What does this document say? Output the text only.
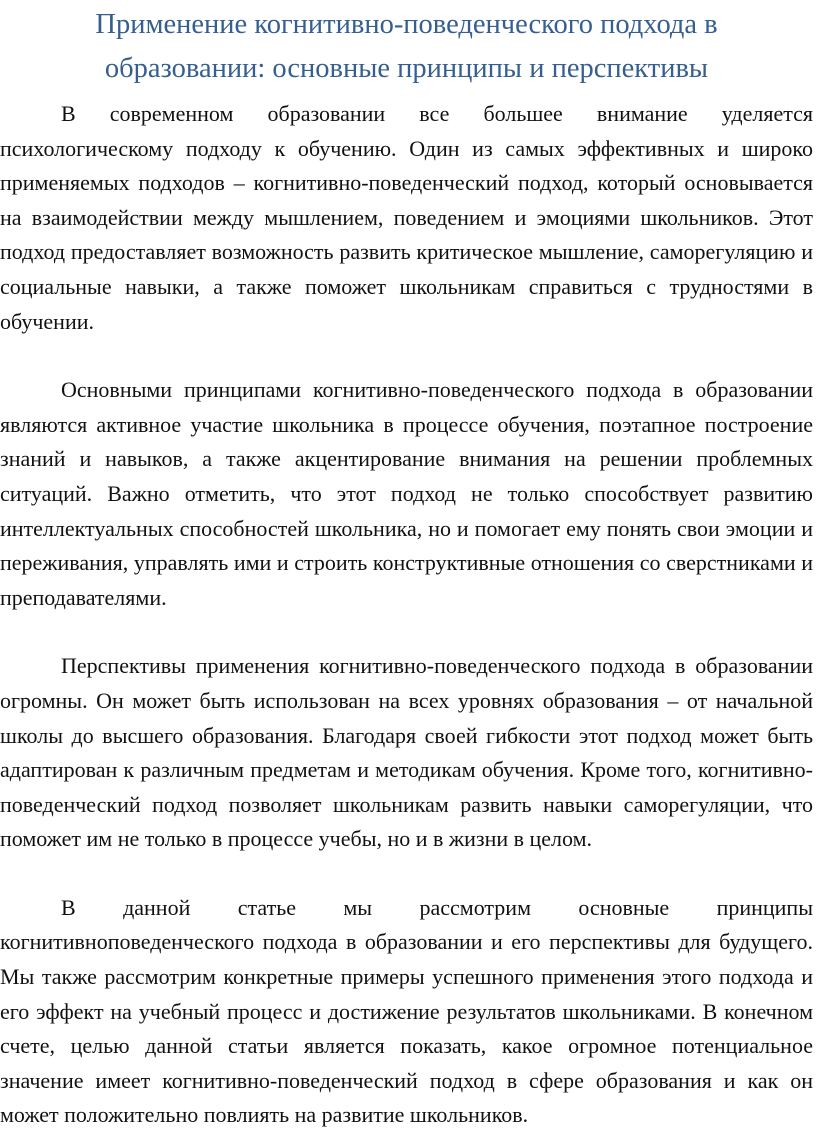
Применение когнитивно-поведенческого подхода в
образовании: основные принципы и перспективы

В современном образовании все большее внимание уделяется психологическому подходу к обучению. Один из самых эффективных и широко применяемых подходов – когнитивно-поведенческий подход, который основывается на взаимодействии между мышлением, поведением и эмоциями школьников. Этот подход предоставляет возможность развить критическое мышление, саморегуляцию и социальные навыки, а также поможет школьникам справиться с трудностями в обучении.

Основными принципами когнитивно-поведенческого подхода в образовании являются активное участие школьника в процессе обучения, поэтапное построение знаний и навыков, а также акцентирование внимания на решении проблемных ситуаций. Важно отметить, что этот подход не только способствует развитию интеллектуальных способностей школьника, но и помогает ему понять свои эмоции и переживания, управлять ими и строить конструктивные отношения со сверстниками и преподавателями.

Перспективы применения когнитивно-поведенческого подхода в образовании огромны. Он может быть использован на всех уровнях образования – от начальной школы до высшего образования. Благодаря своей гибкости этот подход может быть адаптирован к различным предметам и методикам обучения. Кроме того, когнитивно-поведенческий подход позволяет школьникам развить навыки саморегуляции, что поможет им не только в процессе учебы, но и в жизни в целом.

В данной статье мы рассмотрим основные принципы когнитивноповеденческого подхода в образовании и его перспективы для будущего. Мы также рассмотрим конкретные примеры успешного применения этого подхода и его эффект на учебный процесс и достижение результатов школьниками. В конечном счете, целью данной статьи является показать, какое огромное потенциальное значение имеет когнитивно-поведенческий подход в сфере образования и как он может положительно повлиять на развитие школьников.
